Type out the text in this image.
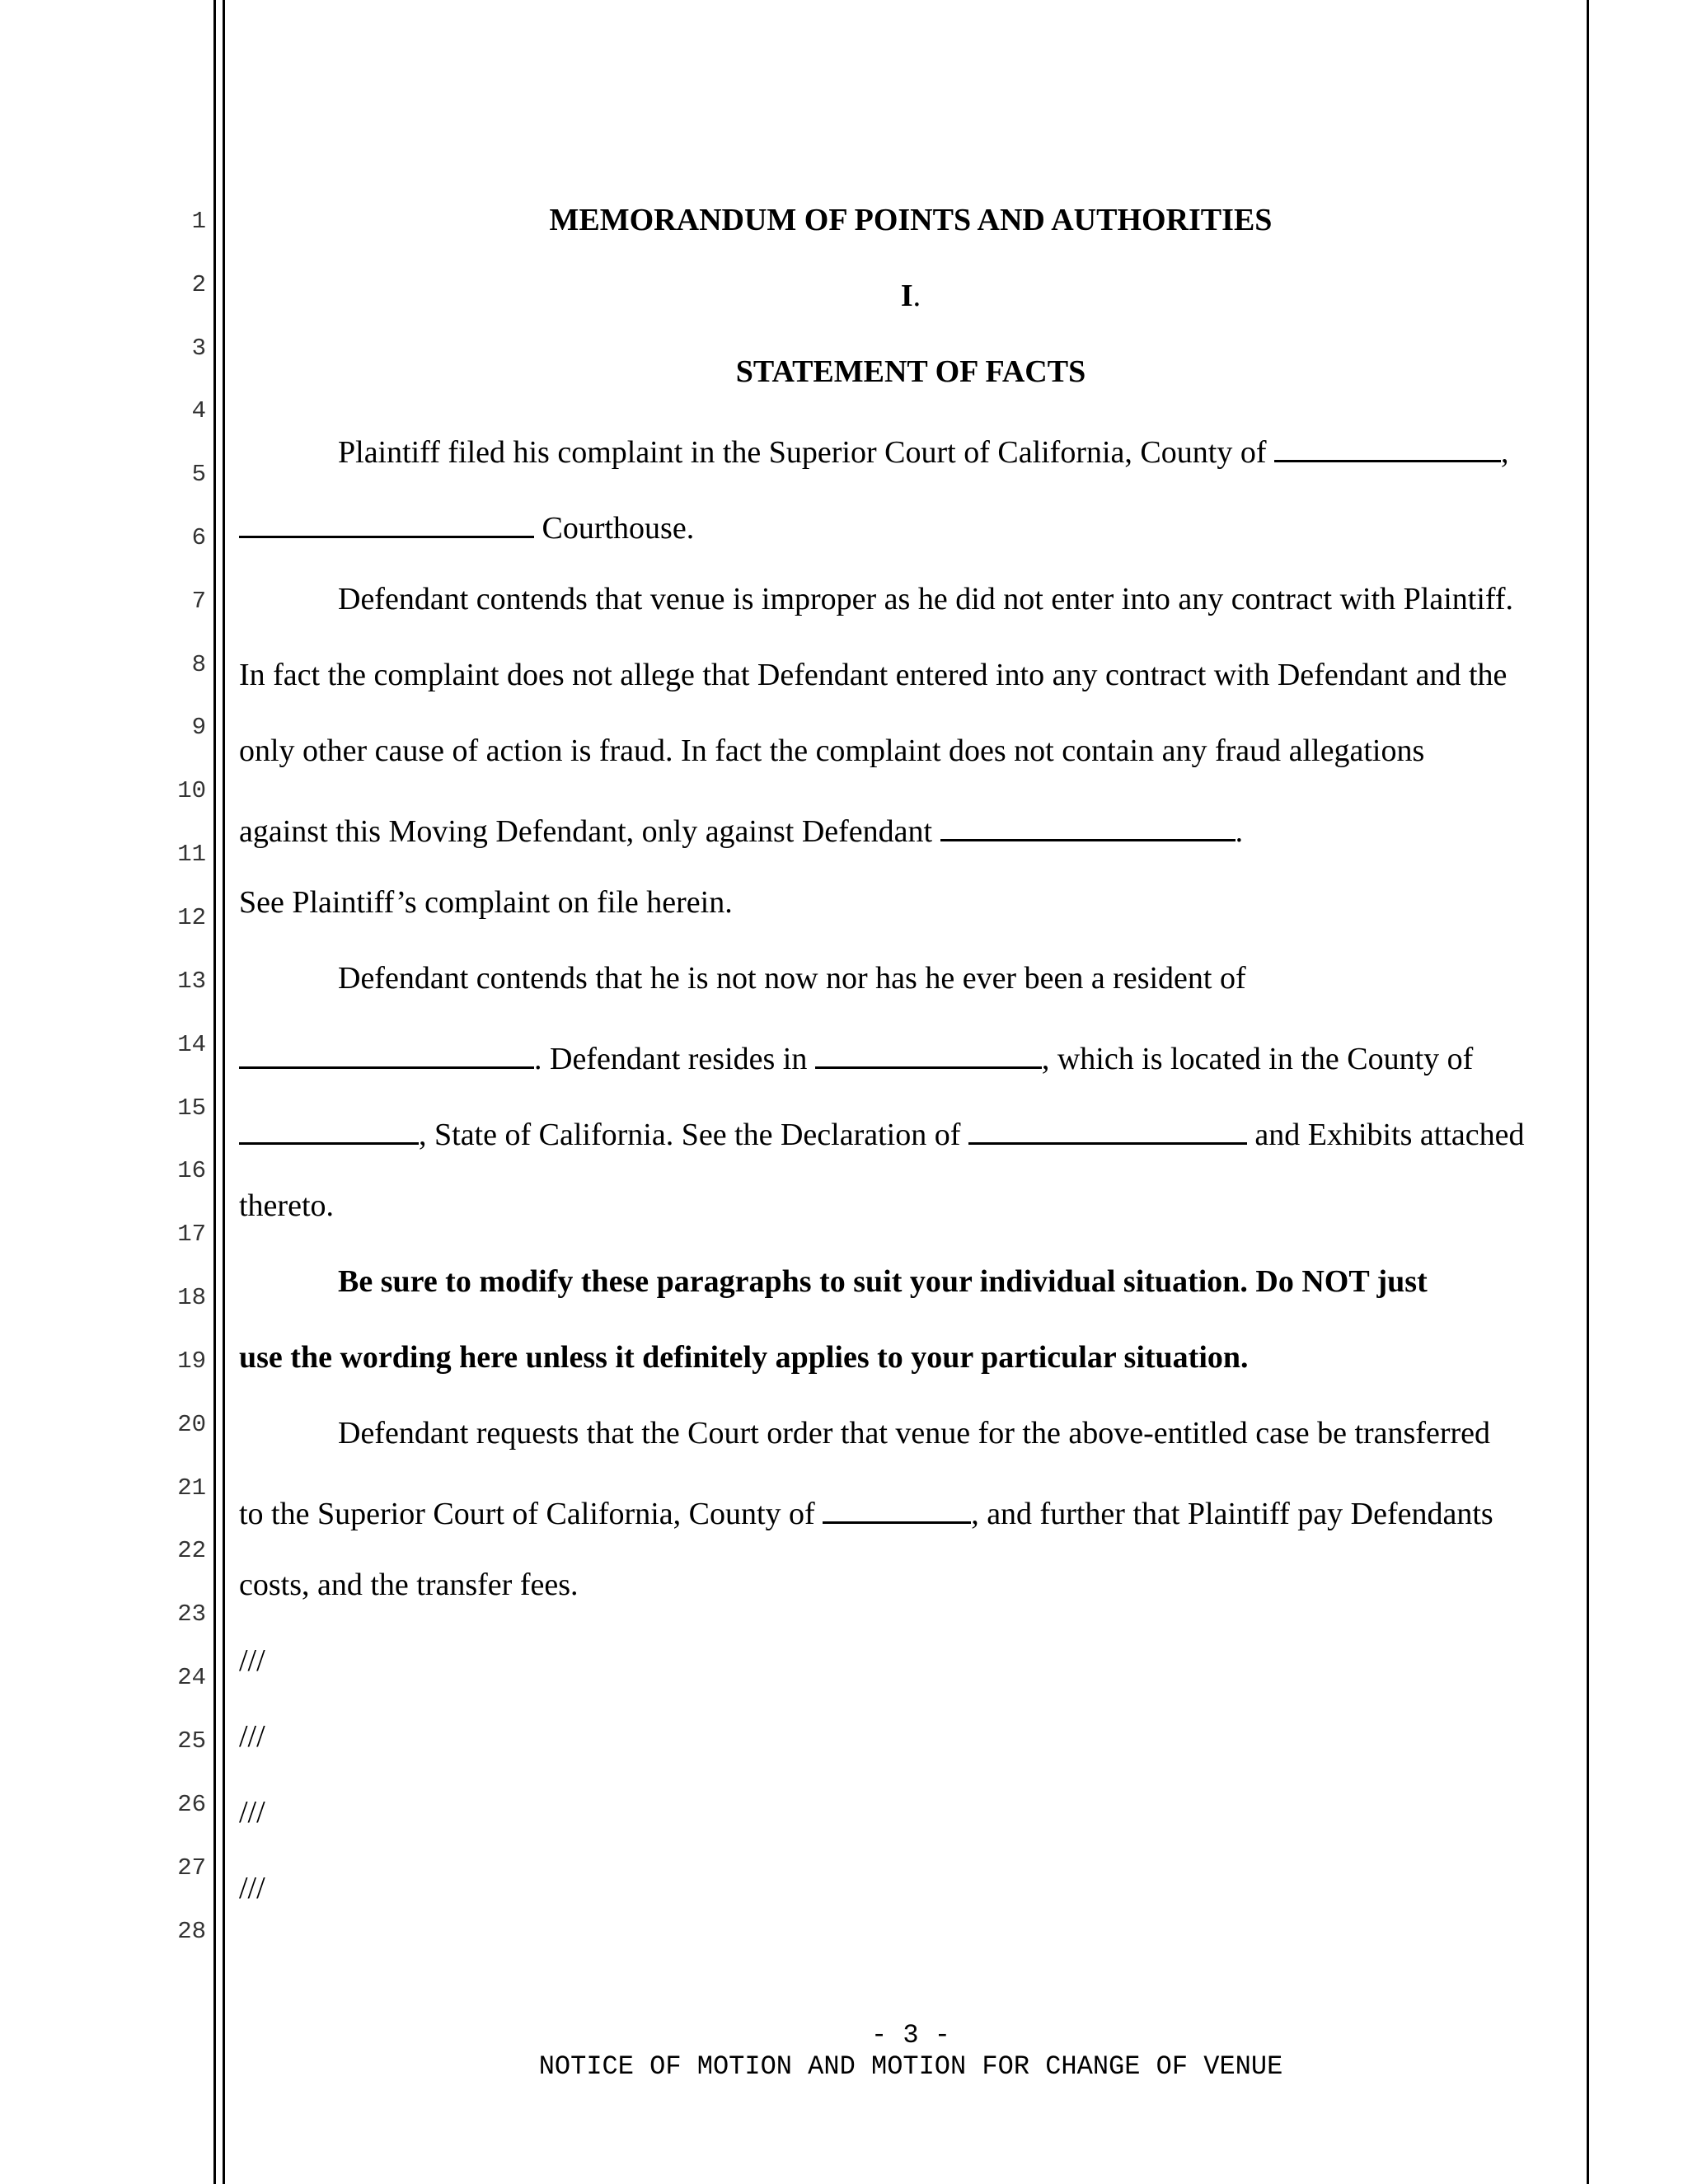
1
2
3
4
5
6
7
8
9
10
11
12
13
14
15
16
17
18
19
20
21
22
23
24
25
26
27
28
MEMORANDUM OF POINTS AND AUTHORITIES
I.
STATEMENT OF FACTS
Plaintiff filed his complaint in the Superior Court of California, County of	,
Courthouse.
Defendant contends that venue is improper as he did not enter into any contract with Plaintiff.
In fact the complaint does not allege that Defendant entered into any contract with Defendant and the
only other cause of action is fraud. In fact the complaint does not contain any fraud allegations
against this Moving Defendant, only against Defendant	.
See Plaintiff’s complaint on file herein.
Defendant contends that he is not now nor has he ever been a resident of
. Defendant resides in	, which is located in the County of
, State of California. See the Declaration of	and Exhibits attached
thereto.
Be sure to modify these paragraphs to suit your individual situation. Do NOT just
use the wording here unless it definitely applies to your particular situation.
Defendant requests that the Court order that venue for the above-entitled case be transferred
to the Superior Court of California, County of	, and further that Plaintiff pay Defendants
costs, and the transfer fees.
///
///
///
///
- 3 -
NOTICE OF MOTION AND MOTION FOR CHANGE OF VENUE
